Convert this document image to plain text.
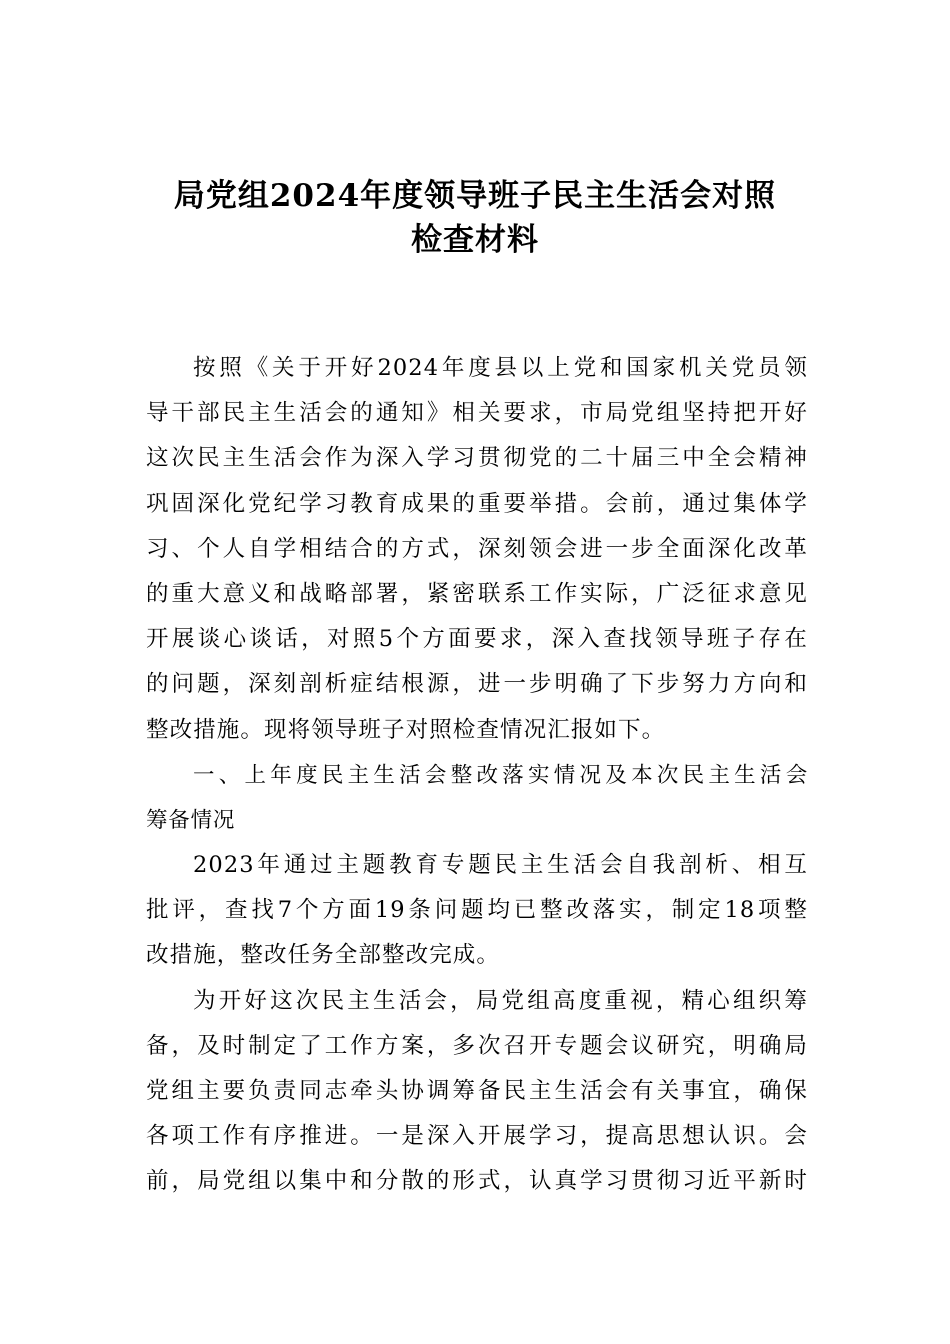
局党组2024年度领导班子民主生活会对照
检查材料
按照《关于开好2024年度县以上党和国家机关党员领
导干部民主生活会的通知》相关要求，市局党组坚持把开好
这次民主生活会作为深入学习贯彻党的二十届三中全会精神
巩固深化党纪学习教育成果的重要举措。会前，通过集体学
习、个人自学相结合的方式，深刻领会进一步全面深化改革
的重大意义和战略部署，紧密联系工作实际，广泛征求意见
开展谈心谈话，对照5个方面要求，深入查找领导班子存在
的问题，深刻剖析症结根源，进一步明确了下步努力方向和
整改措施。现将领导班子对照检查情况汇报如下。
一、上年度民主生活会整改落实情况及本次民主生活会
筹备情况
2023年通过主题教育专题民主生活会自我剖析、相互
批评，查找7个方面19条问题均已整改落实，制定18项整
改措施，整改任务全部整改完成。
为开好这次民主生活会，局党组高度重视，精心组织筹
备，及时制定了工作方案，多次召开专题会议研究，明确局
党组主要负责同志牵头协调筹备民主生活会有关事宜，确保
各项工作有序推进。一是深入开展学习，提高思想认识。会
前，局党组以集中和分散的形式，认真学习贯彻习近平新时
